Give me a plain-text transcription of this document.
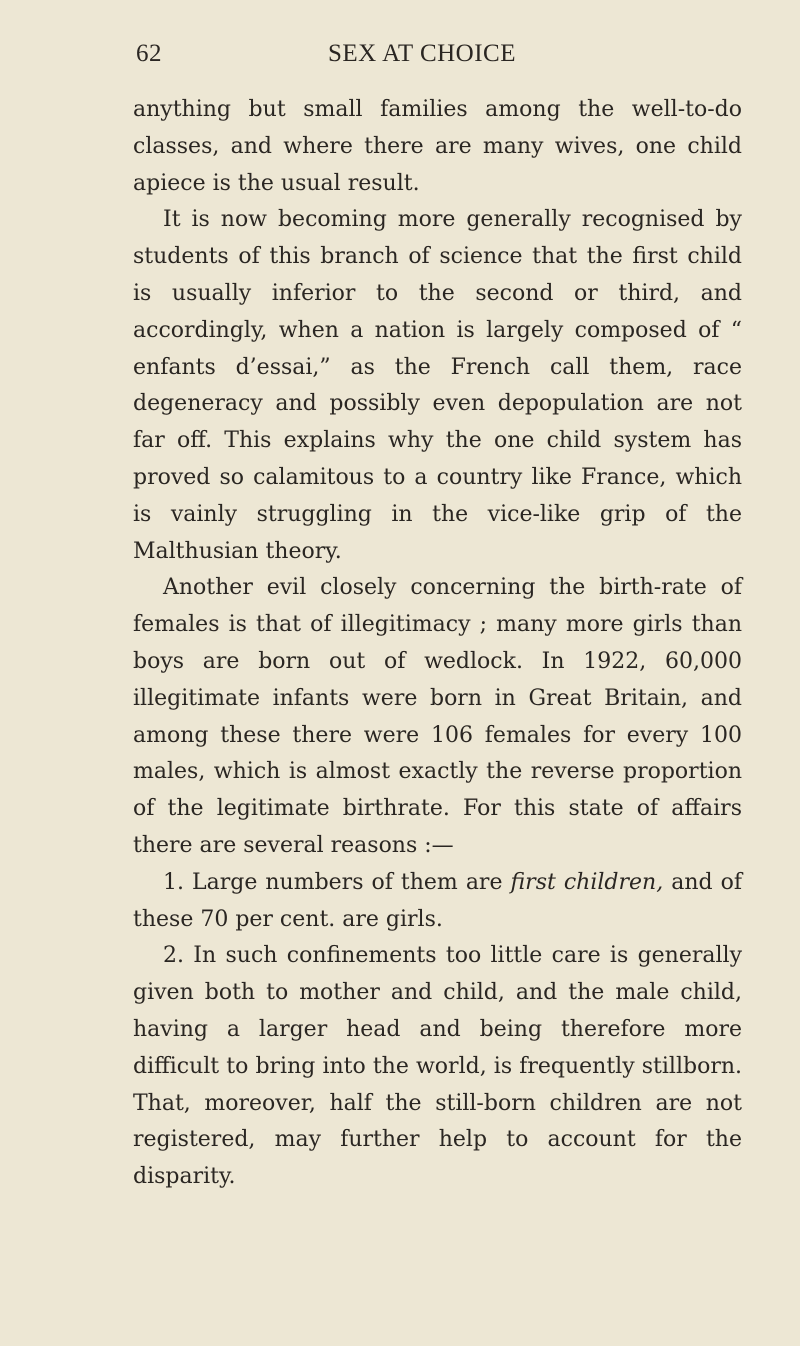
62	SEX AT CHOICE

anything but small families among the well-to-do classes, and where there are many wives, one child apiece is the usual result.

It is now becoming more generally recognised by students of this branch of science that the first child is usually inferior to the second or third, and accordingly, when a nation is largely composed of “ enfants d’essai,” as the French call them, race degeneracy and possibly even depopulation are not far off. This explains why the one child system has proved so calamitous to a country like France, which is vainly struggling in the vice-like grip of the Malthusian theory.

Another evil closely concerning the birth-rate of females is that of illegitimacy ; many more girls than boys are born out of wedlock. In 1922, 60,000 illegitimate infants were born in Great Britain, and among these there were 106 females for every 100 males, which is almost exactly the reverse proportion of the legitimate birthrate. For this state of affairs there are several reasons :—

1. Large numbers of them are first children, and of these 70 per cent. are girls.

2. In such confinements too little care is generally given both to mother and child, and the male child, having a larger head and being therefore more difficult to bring into the world, is frequently stillborn. That, moreover, half the still-born children are not registered, may further help to account for the disparity.
